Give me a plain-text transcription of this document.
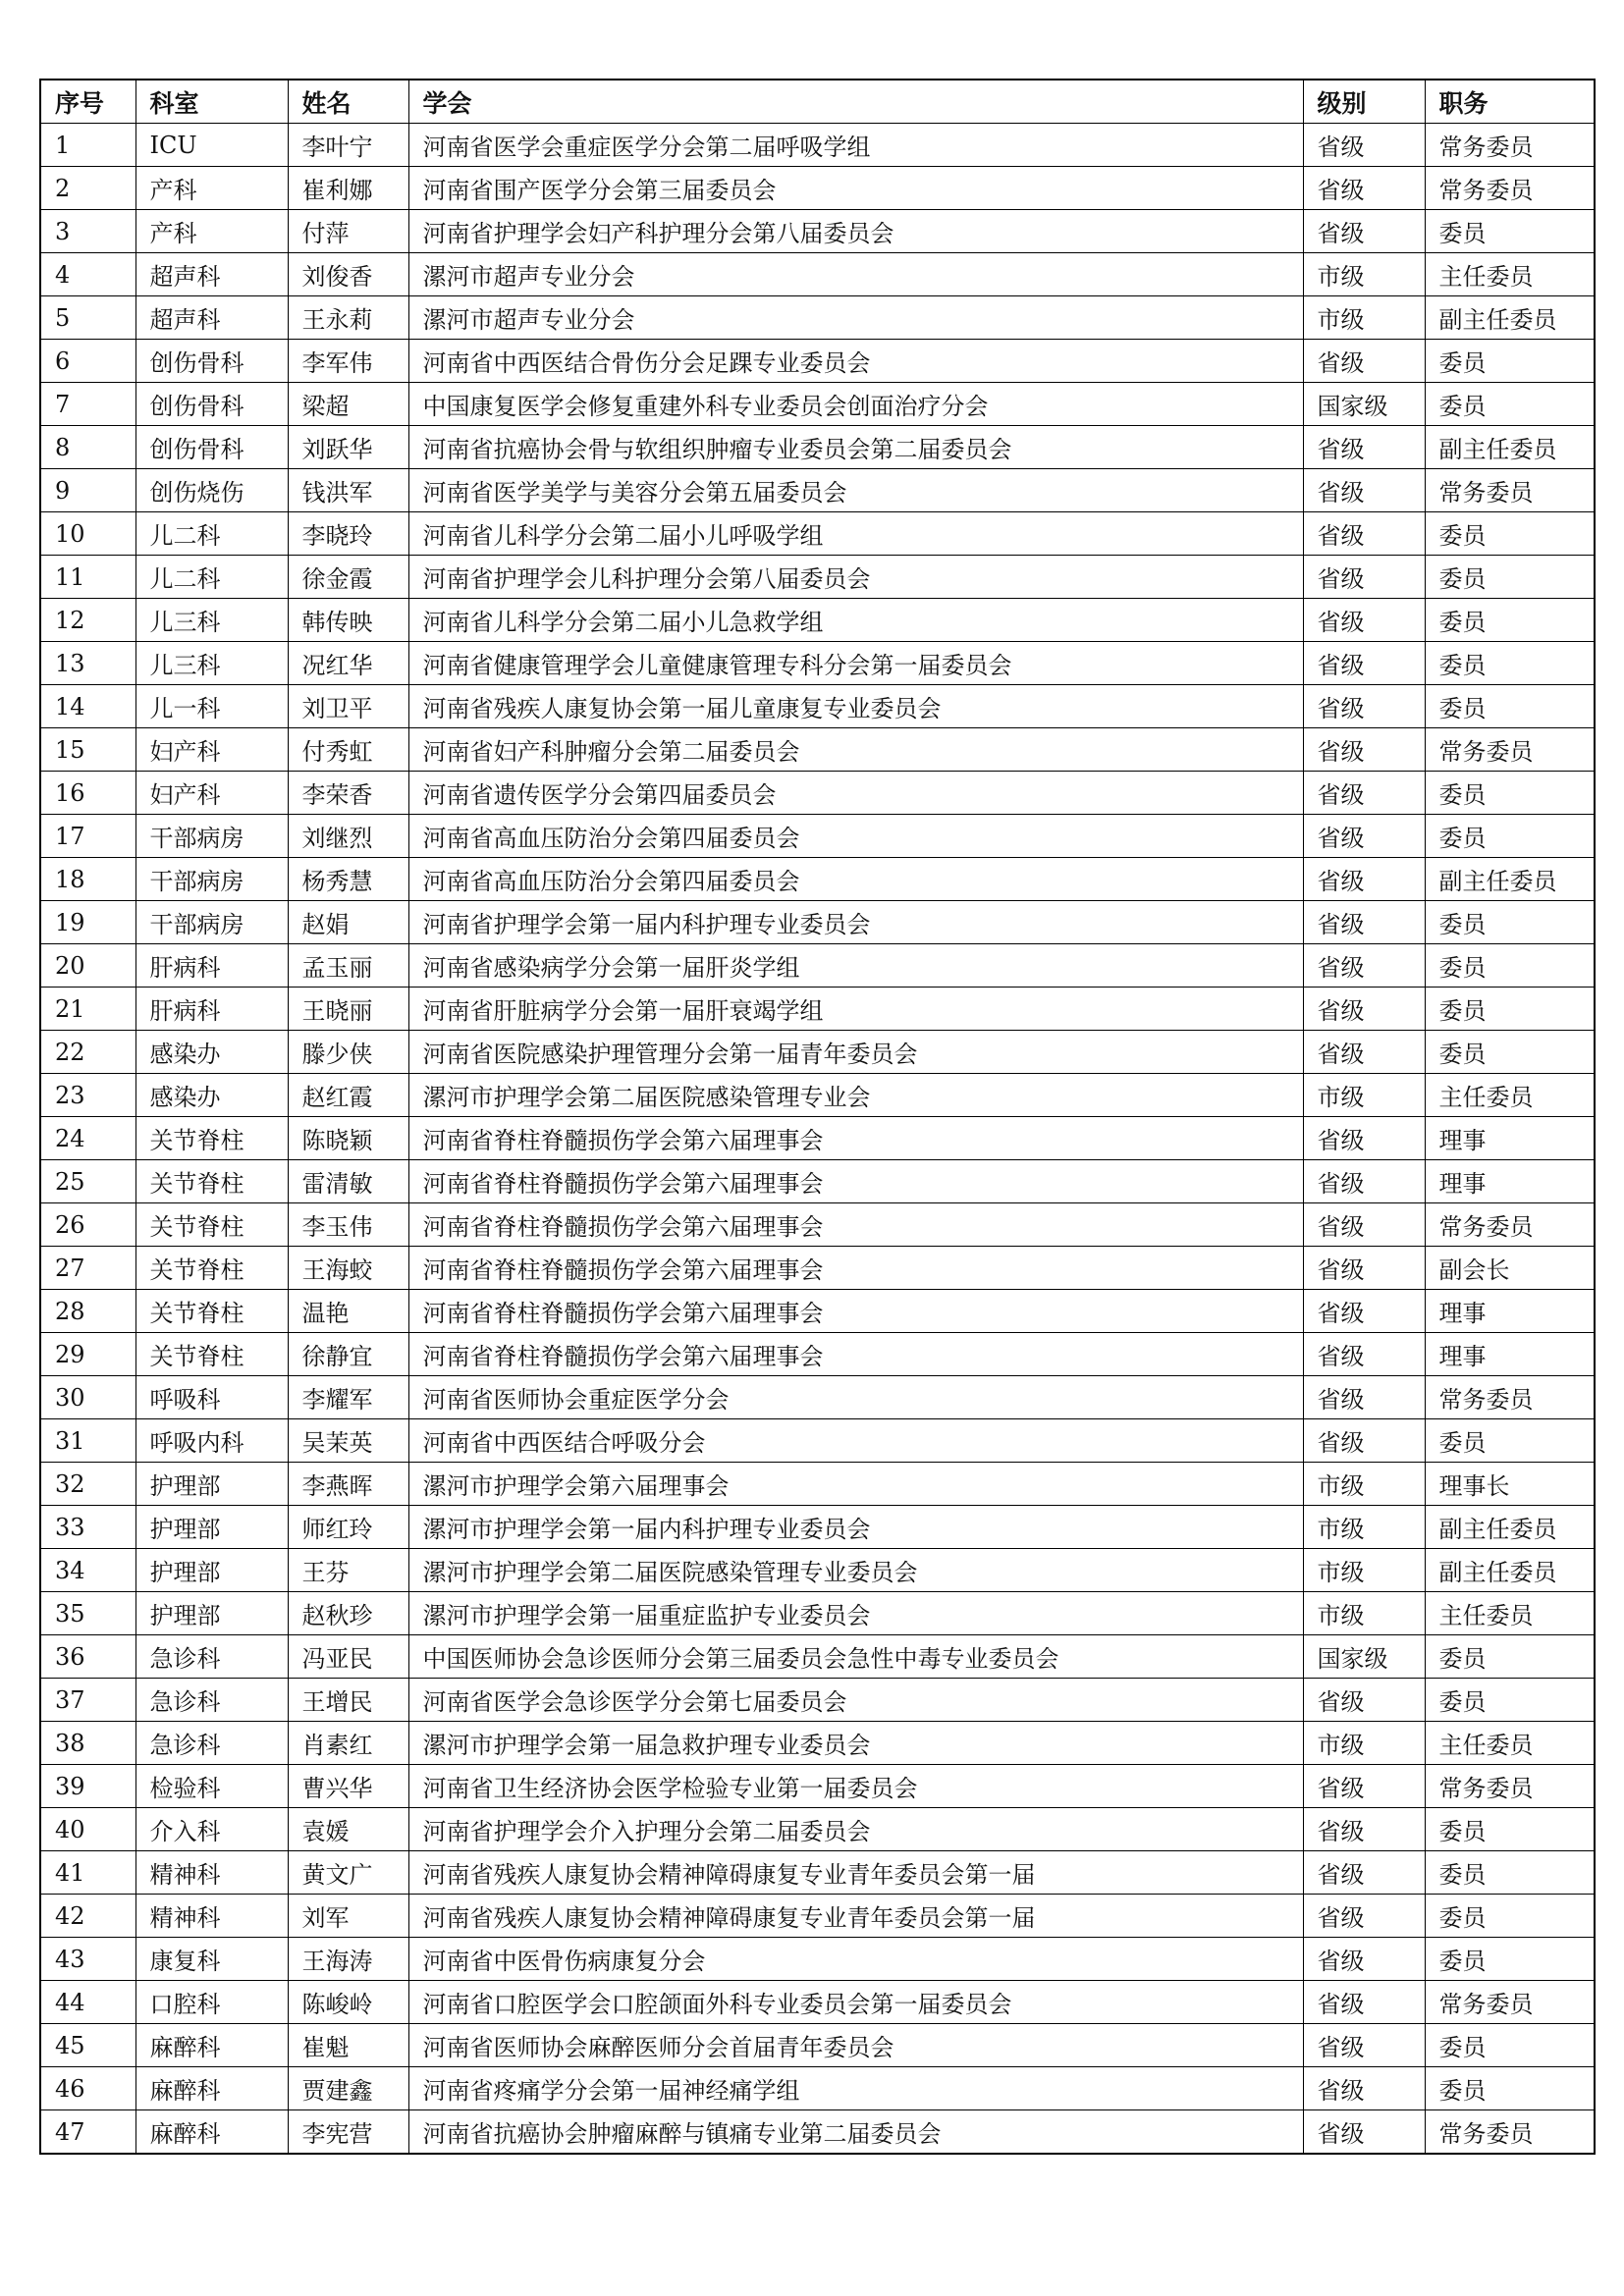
序号	科室	姓名	学会	级别	职务
1	ICU	李叶宁	河南省医学会重症医学分会第二届呼吸学组	省级	常务委员
2	产科	崔利娜	河南省围产医学分会第三届委员会	省级	常务委员
3	产科	付萍	河南省护理学会妇产科护理分会第八届委员会	省级	委员
4	超声科	刘俊香	漯河市超声专业分会	市级	主任委员
5	超声科	王永莉	漯河市超声专业分会	市级	副主任委员
6	创伤骨科	李军伟	河南省中西医结合骨伤分会足踝专业委员会	省级	委员
7	创伤骨科	梁超	中国康复医学会修复重建外科专业委员会创面治疗分会	国家级	委员
8	创伤骨科	刘跃华	河南省抗癌协会骨与软组织肿瘤专业委员会第二届委员会	省级	副主任委员
9	创伤烧伤	钱洪军	河南省医学美学与美容分会第五届委员会	省级	常务委员
10	儿二科	李晓玲	河南省儿科学分会第二届小儿呼吸学组	省级	委员
11	儿二科	徐金霞	河南省护理学会儿科护理分会第八届委员会	省级	委员
12	儿三科	韩传映	河南省儿科学分会第二届小儿急救学组	省级	委员
13	儿三科	况红华	河南省健康管理学会儿童健康管理专科分会第一届委员会	省级	委员
14	儿一科	刘卫平	河南省残疾人康复协会第一届儿童康复专业委员会	省级	委员
15	妇产科	付秀虹	河南省妇产科肿瘤分会第二届委员会	省级	常务委员
16	妇产科	李荣香	河南省遗传医学分会第四届委员会	省级	委员
17	干部病房	刘继烈	河南省高血压防治分会第四届委员会	省级	委员
18	干部病房	杨秀慧	河南省高血压防治分会第四届委员会	省级	副主任委员
19	干部病房	赵娟	河南省护理学会第一届内科护理专业委员会	省级	委员
20	肝病科	孟玉丽	河南省感染病学分会第一届肝炎学组	省级	委员
21	肝病科	王晓丽	河南省肝脏病学分会第一届肝衰竭学组	省级	委员
22	感染办	滕少侠	河南省医院感染护理管理分会第一届青年委员会	省级	委员
23	感染办	赵红霞	漯河市护理学会第二届医院感染管理专业会	市级	主任委员
24	关节脊柱	陈晓颖	河南省脊柱脊髓损伤学会第六届理事会	省级	理事
25	关节脊柱	雷清敏	河南省脊柱脊髓损伤学会第六届理事会	省级	理事
26	关节脊柱	李玉伟	河南省脊柱脊髓损伤学会第六届理事会	省级	常务委员
27	关节脊柱	王海蛟	河南省脊柱脊髓损伤学会第六届理事会	省级	副会长
28	关节脊柱	温艳	河南省脊柱脊髓损伤学会第六届理事会	省级	理事
29	关节脊柱	徐静宜	河南省脊柱脊髓损伤学会第六届理事会	省级	理事
30	呼吸科	李耀军	河南省医师协会重症医学分会	省级	常务委员
31	呼吸内科	吴茉英	河南省中西医结合呼吸分会	省级	委员
32	护理部	李燕晖	漯河市护理学会第六届理事会	市级	理事长
33	护理部	师红玲	漯河市护理学会第一届内科护理专业委员会	市级	副主任委员
34	护理部	王芬	漯河市护理学会第二届医院感染管理专业委员会	市级	副主任委员
35	护理部	赵秋珍	漯河市护理学会第一届重症监护专业委员会	市级	主任委员
36	急诊科	冯亚民	中国医师协会急诊医师分会第三届委员会急性中毒专业委员会	国家级	委员
37	急诊科	王增民	河南省医学会急诊医学分会第七届委员会	省级	委员
38	急诊科	肖素红	漯河市护理学会第一届急救护理专业委员会	市级	主任委员
39	检验科	曹兴华	河南省卫生经济协会医学检验专业第一届委员会	省级	常务委员
40	介入科	袁媛	河南省护理学会介入护理分会第二届委员会	省级	委员
41	精神科	黄文广	河南省残疾人康复协会精神障碍康复专业青年委员会第一届	省级	委员
42	精神科	刘军	河南省残疾人康复协会精神障碍康复专业青年委员会第一届	省级	委员
43	康复科	王海涛	河南省中医骨伤病康复分会	省级	委员
44	口腔科	陈峻岭	河南省口腔医学会口腔颌面外科专业委员会第一届委员会	省级	常务委员
45	麻醉科	崔魁	河南省医师协会麻醉医师分会首届青年委员会	省级	委员
46	麻醉科	贾建鑫	河南省疼痛学分会第一届神经痛学组	省级	委员
47	麻醉科	李宪营	河南省抗癌协会肿瘤麻醉与镇痛专业第二届委员会	省级	常务委员
